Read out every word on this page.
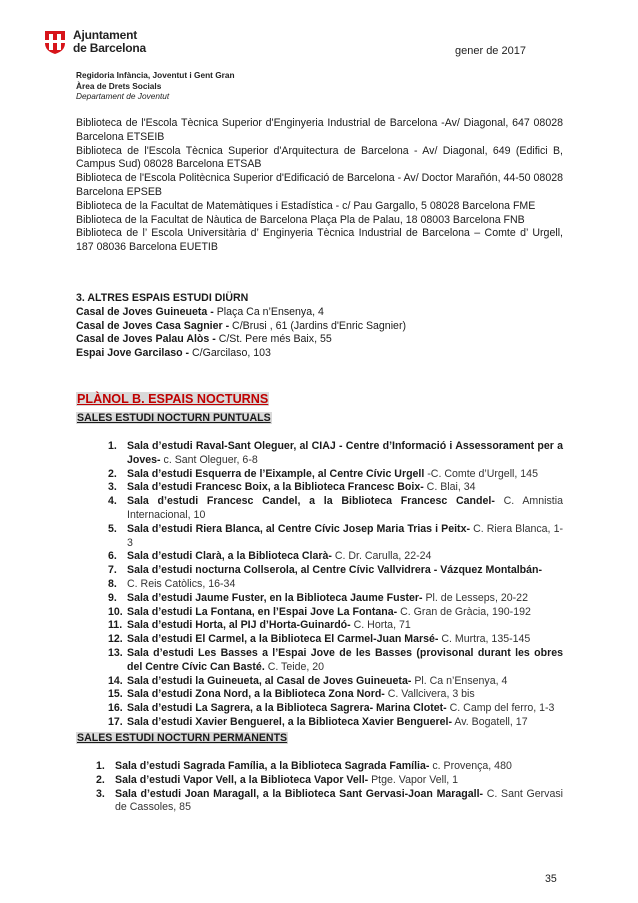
Ajuntament
de Barcelona	gener de 2017
Regidoria Infància, Joventut i Gent Gran
Àrea de Drets Socials
Departament de Joventut

Biblioteca de l'Escola Tècnica Superior d'Enginyeria Industrial de Barcelona -Av/ Diagonal, 647 08028 Barcelona ETSEIB

Biblioteca de l'Escola Tècnica Superior d'Arquitectura de Barcelona - Av/ Diagonal, 649 (Edifici B, Campus Sud) 08028 Barcelona ETSAB

Biblioteca de l'Escola Politècnica Superior d'Edificació de Barcelona - Av/ Doctor Marañón, 44-50 08028 Barcelona EPSEB

Biblioteca de la Facultat de Matemàtiques i Estadística - c/ Pau Gargallo, 5 08028 Barcelona FME

Biblioteca de la Facultat de Nàutica de Barcelona Plaça Pla de Palau, 18 08003 Barcelona FNB

Biblioteca de l’ Escola Universitària d’ Enginyeria Tècnica Industrial de Barcelona – Comte d’ Urgell, 187 08036 Barcelona EUETIB

3. ALTRES ESPAIS ESTUDI DIÜRN

Casal de Joves Guineueta - Plaça Ca n’Ensenya, 4

Casal de Joves Casa Sagnier - C/Brusi , 61 (Jardins d'Enric Sagnier)

Casal de Joves Palau Alòs - C/St. Pere més Baix, 55

Espai Jove Garcilaso - C/Garcilaso, 103

PLÀNOL B. ESPAIS NOCTURNS
SALES ESTUDI NOCTURN PUNTUALS
1. Sala d’estudi Raval-Sant Oleguer, al CIAJ - Centre d’Informació i Assessorament per a Joves- c. Sant Oleguer, 6-8
2. Sala d’estudi Esquerra de l’Eixample, al Centre Cívic Urgell -C. Comte d’Urgell, 145
3. Sala d’estudi Francesc Boix, a la Biblioteca Francesc Boix- C. Blai, 34
4. Sala d’estudi Francesc Candel, a la Biblioteca Francesc Candel- C. Amnistia Internacional, 10
5. Sala d’estudi Riera Blanca, al Centre Cívic Josep Maria Trias i Peitx- C. Riera Blanca, 1-3
6. Sala d’estudi Clarà, a la Biblioteca Clarà- C. Dr. Carulla, 22-24
7. Sala d’estudi nocturna Collserola, al Centre Cívic Vallvidrera - Vázquez Montalbán-
8. C. Reis Catòlics, 16-34
9. Sala d’estudi Jaume Fuster, en la Biblioteca Jaume Fuster- Pl. de Lesseps, 20-22
10. Sala d’estudi La Fontana, en l’Espai Jove La Fontana- C. Gran de Gràcia, 190-192
11. Sala d’estudi Horta, al PIJ d’Horta-Guinardó- C. Horta, 71
12. Sala d’estudi El Carmel, a la Biblioteca El Carmel-Juan Marsé- C. Murtra, 135-145
13. Sala d’estudi Les Basses a l’Espai Jove de les Basses (provisonal durant les obres del Centre Cívic Can Basté. C. Teide, 20
14. Sala d’estudi la Guineueta, al Casal de Joves Guineueta- Pl. Ca n’Ensenya, 4
15. Sala d’estudi Zona Nord, a la Biblioteca Zona Nord- C. Vallcivera, 3 bis
16. Sala d’estudi La Sagrera, a la Biblioteca Sagrera- Marina Clotet- C. Camp del ferro, 1-3
17. Sala d’estudi Xavier Benguerel, a la Biblioteca Xavier Benguerel- Av. Bogatell, 17
SALES ESTUDI NOCTURN PERMANENTS
1. Sala d’estudi Sagrada Família, a la Biblioteca Sagrada Família- c. Provença, 480
2. Sala d’estudi Vapor Vell, a la Biblioteca Vapor Vell- Ptge. Vapor Vell, 1
3. Sala d’estudi Joan Maragall, a la Biblioteca Sant Gervasi-Joan Maragall- C. Sant Gervasi de Cassoles, 85
35
